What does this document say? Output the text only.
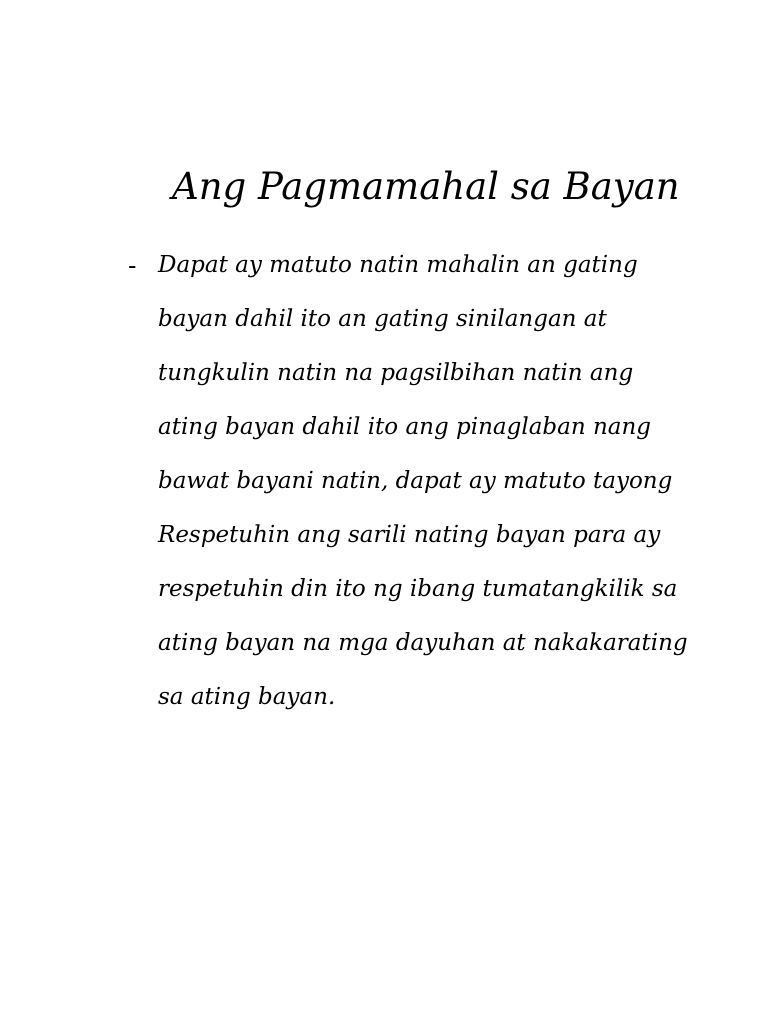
Ang Pagmamahal sa Bayan
- Dapat ay matuto natin mahalin an gating
bayan dahil ito an gating sinilangan at
tungkulin natin na pagsilbihan natin ang
ating bayan dahil ito ang pinaglaban nang
bawat bayani natin, dapat ay matuto tayong
Respetuhin ang sarili nating bayan para ay
respetuhin din ito ng ibang tumatangkilik sa
ating bayan na mga dayuhan at nakakarating
sa ating bayan.
